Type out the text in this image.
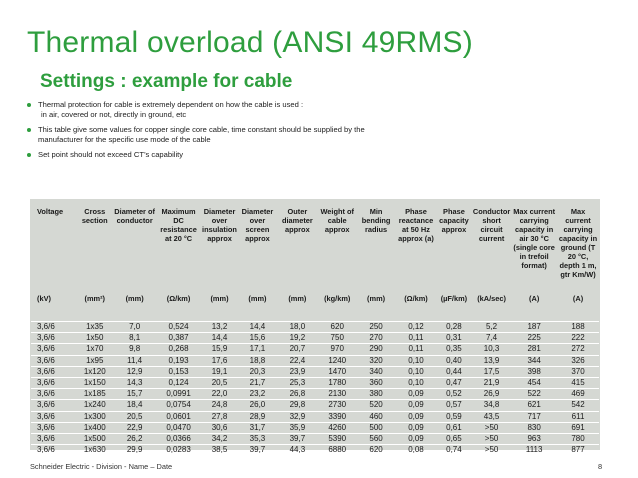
Thermal overload (ANSI 49RMS)
Settings : example for cable
Thermal protection for cable is extremely dependent on how the cable is used :
in air, covered or not, directly in ground, etc
This table give some values for copper single core cable, time constant should be supplied by the
manufacturer for the specific use mode of the cable
Set point should not exceed CT’s capability
Voltage	Cross section	Diameter of conductor	Maximum DC resistance at 20 °C	Diameter over insulation approx	Diameter over screen approx	Outer diameter approx	Weight of cable approx	Min bending radius	Phase reactance at 50 Hz approx (a)	Phase capacity approx	Conductor short circuit current	Max current carrying capacity in air 30 °C (single core in trefoil format)	Max current carrying capacity in ground (T 20 °C, depth 1 m, gtr Km/W)
(kV)	(mm²)	(mm)	(Ω/km)	(mm)	(mm)	(mm)	(kg/km)	(mm)	(Ω/km)	(µF/km)	(kA/sec)	(A)	(A)

3,6/6	1x35	7,0	0,524	13,2	14,4	18,0	620	250	0,12	0,28	5,2	187	188
3,6/6	1x50	8,1	0,387	14,4	15,6	19,2	750	270	0,11	0,31	7,4	225	222
3,6/6	1x70	9,8	0,268	15,9	17,1	20,7	970	290	0,11	0,35	10,3	281	272
3,6/6	1x95	11,4	0,193	17,6	18,8	22,4	1240	320	0,10	0,40	13,9	344	326
3,6/6	1x120	12,9	0,153	19,1	20,3	23,9	1470	340	0,10	0,44	17,5	398	370
3,6/6	1x150	14,3	0,124	20,5	21,7	25,3	1780	360	0,10	0,47	21,9	454	415
3,6/6	1x185	15,7	0,0991	22,0	23,2	26,8	2130	380	0,09	0,52	26,9	522	469
3,6/6	1x240	18,4	0,0754	24,8	26,0	29,8	2730	520	0,09	0,57	34,8	621	542
3,6/6	1x300	20,5	0,0601	27,8	28,9	32,9	3390	460	0,09	0,59	43,5	717	611
3,6/6	1x400	22,9	0,0470	30,6	31,7	35,9	4260	500	0,09	0,61	>50	830	691
3,6/6	1x500	26,2	0,0366	34,2	35,3	39,7	5390	560	0,09	0,65	>50	963	780
3,6/6	1x630	29,9	0,0283	38,5	39,7	44,3	6880	620	0,08	0,74	>50	1113	877
Schneider Electric - Division - Name – Date	8
